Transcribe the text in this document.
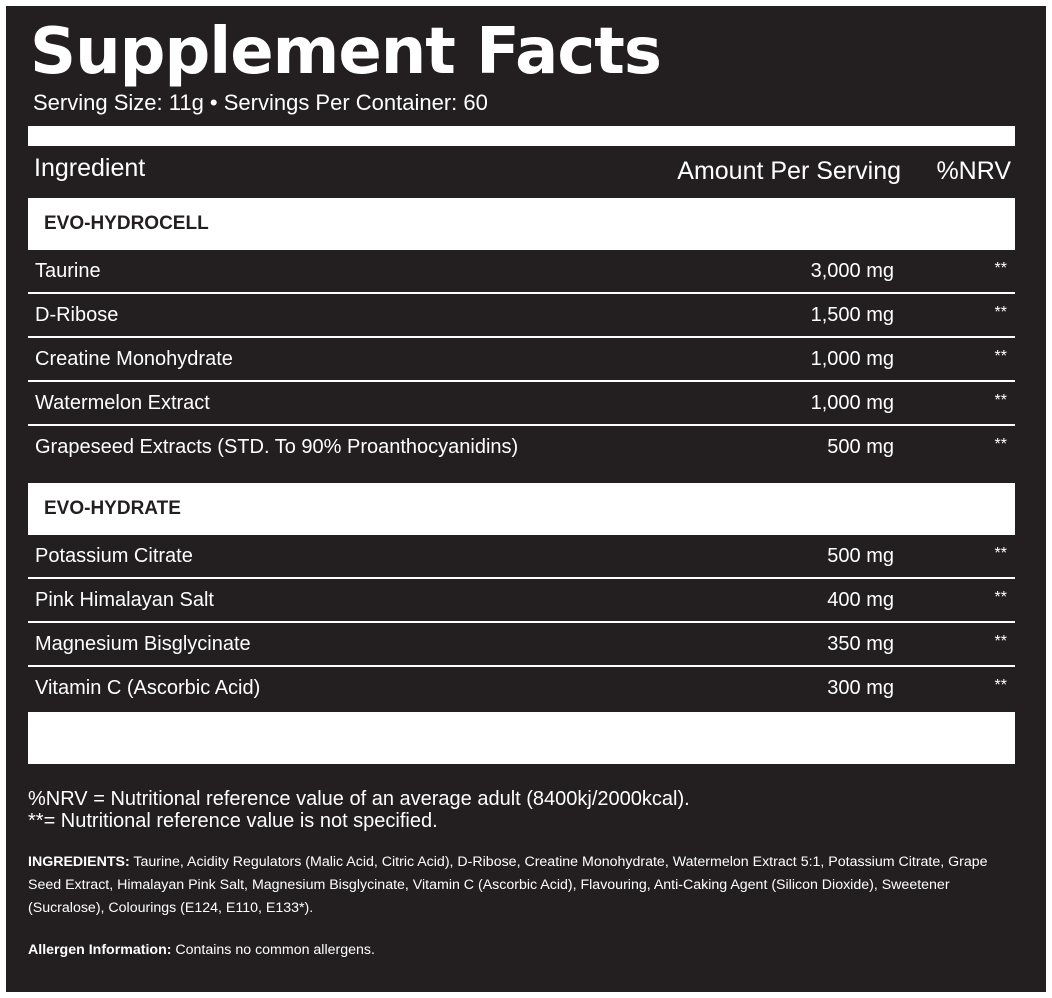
Supplement Facts
Serving Size: 11g • Servings Per Container: 60
Ingredient	Amount Per Serving %NRV
EVO-HYDROCELL
Taurine	3,000 mg	**
D-Ribose	1,500 mg	**
Creatine Monohydrate	1,000 mg	**
Watermelon Extract	1,000 mg	**
Grapeseed Extracts (STD. To 90% Proanthocyanidins)	500 mg	**
EVO-HYDRATE
Potassium Citrate	500 mg	**
Pink Himalayan Salt	400 mg	**
Magnesium Bisglycinate	350 mg	**
Vitamin C (Ascorbic Acid)	300 mg	**
%NRV = Nutritional reference value of an average adult (8400kj/2000kcal).
**= Nutritional reference value is not specified.
INGREDIENTS: Taurine, Acidity Regulators (Malic Acid, Citric Acid), D-Ribose, Creatine Monohydrate, Watermelon Extract 5:1, Potassium Citrate, Grape Seed Extract, Himalayan Pink Salt, Magnesium Bisglycinate, Vitamin C (Ascorbic Acid), Flavouring, Anti-Caking Agent (Silicon Dioxide), Sweetener (Sucralose), Colourings (E124, E110, E133*).
Allergen Information: Contains no common allergens.
